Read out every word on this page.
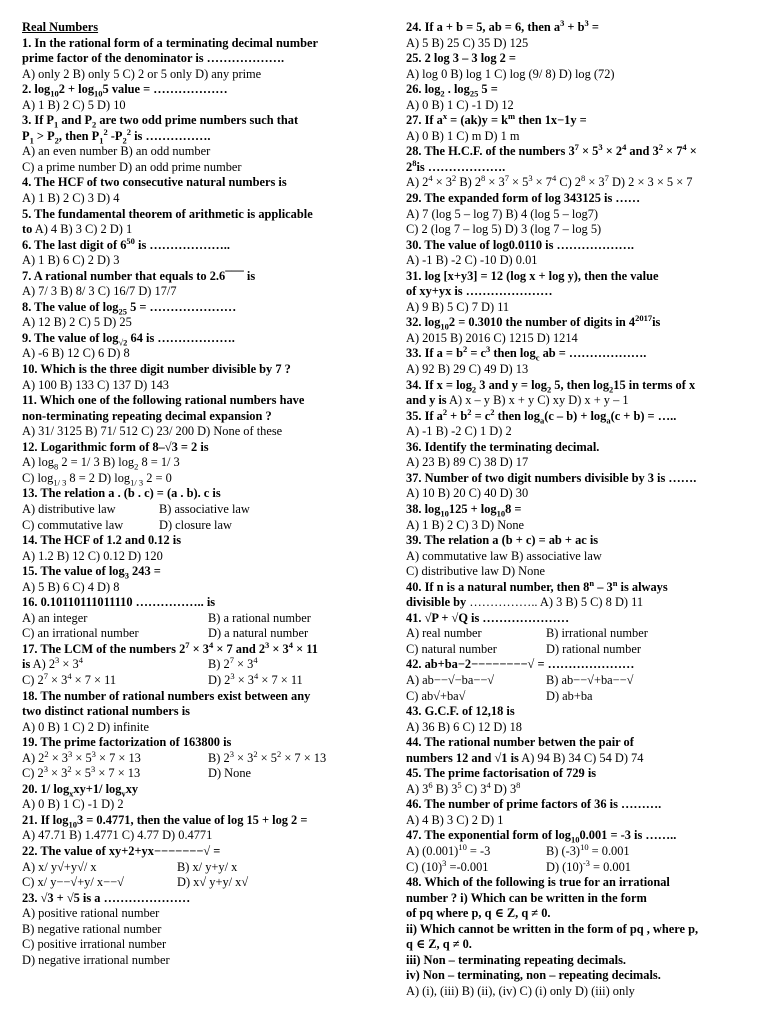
Real Numbers
1. In the rational form of a terminating decimal number
prime factor of the denominator is ……………….
A) only 2 B) only 5 C) 2 or 5 only D) any prime
2. $\log_{10}2 + \log_{10}5$ value = ………………
A) 1 B) 2 C) 5 D) 10
3. If $P_1$ and $P_2$ are two odd prime numbers such that
$P_1 > P_2$, then $P_1^2$ $-P_2^2$ is …………….
A) an even number B) an odd number
C) a prime number D) an odd prime number
4. The HCF of two consecutive natural numbers is
A) 1 B) 2 C) 3 D) 4
5. The fundamental theorem of arithmetic is applicable
to A) 4 B) 3 C) 2 D) 1
6. The last digit of $6^{50}$ is ………………..
A) 1 B) 6 C) 2 D) 3
7. A rational number that equals to 2.6¯¯¯ is
A) 7/ 3 B) 8/ 3 C) 16/7 D) 17/7
8. The value of $\log_{25} 5$ = …………………
A) 12 B) 2 C) 5 D) 25
9. The value of $\log_{√2} 64$ is ……………….
A) -6 B) 12 C) 6 D) 8
10. Which is the three digit number divisible by 7 ?
A) 100 B) 133 C) 137 D) 143
11. Which one of the following rational numbers have
non-terminating repeating decimal expansion ?
A) 31/ 3125 B) 71/ 512 C) 23/ 200 D) None of these
12. Logarithmic form of 8–√3 = 2 is
A) $\log_8 2 = 1/$ 3 B) $\log_2 8 = 1/$ 3
C) $\log_{1/ 3} 8 = 2$ D) $\log_{1/ 3} 2 = 0$
13. The relation a . (b . c) = (a . b). c is
A) distributive law	B) associative law
C) commutative law	D) closure law
14. The HCF of 1.2 and 0.12 is
A) 1.2 B) 12 C) 0.12 D) 120
15. The value of $\log_3 243$ =
A) 5 B) 6 C) 4 D) 8
16. 0.10110111011110 …………….. is
A) an integer	B) a rational number
C) an irrational number	D) a natural number
17. The LCM of the numbers $2^7 \times 3^4 \times 7$ and $2^3 \times 3^4 \times 11$
is A) $2^3 \times 3^4$	B) $2^7 \times 3^4$
C) $2^7 \times 3^4 \times 7 \times 11$	D) $2^3 \times 3^4 \times 7 \times 11$
18. The number of rational numbers exist between any
two distinct rational numbers is
A) 0 B) 1 C) 2 D) infinite
19. The prime factorization of 163800 is
A) $2^2 \times 3^3 \times 5^3 \times 7 \times 13$	B) $2^3 \times 3^2 \times 5^2 \times 7 \times 13$
C) $2^3 \times 3^2 \times 5^3 \times 7 \times 13$	D) None
20. 1/ $\log_xxy+1/$ $\log_yxy$
A) 0 B) 1 C) -1 D) 2
21. If $\log_{10}3 = 0.4771$, then the value of log 15 + log 2 =
A) 47.71 B) 1.4771 C) 4.77 D) 0.4771
22. The value of xy+2+yx−−−−−−−√ =
A) x/ y√+y√/ x	B) x/ y+y/ x
C) x/ y−−√+y/ x−−√	D) x√ y+y/ x√
23. √3 + √5 is a …………………
A) positive rational number
B) negative rational number
C) positive irrational number
D) negative irrational number
24. If a + b = 5, ab = 6, then $a^3 + b^3$ =
A) 5 B) 25 C) 35 D) 125
25. 2 log 3 – 3 log 2 =
A) log 0 B) log 1 C) log (9/ 8) D) log (72)
26. $\log_2$ . $\log_{25} 5$ =
A) 0 B) 1 C) -1 D) 12
27. If $a^x = (ak)y = k^m$ then 1x−1y =
A) 0 B) 1 C) m D) 1 m
28. The H.C.F. of the numbers $3^7 \times 5^3 \times 2^4$ and $3^2 \times 7^4$ ×
$2^8is$ ……………….
A) $2^4 \times 3^2$ B) $2^8 \times 3^7 \times 5^3 \times 7^4$ C) $2^8 \times 3^7$ D) 2 × 3 × 5 × 7
29. The expanded form of log 343125 is ……
A) 7 (log 5 – log 7) B) 4 (log 5 – log7)
C) 2 (log 7 – log 5) D) 3 (log 7 – log 5)
30. The value of log0.0110 is ……………….
A) -1 B) -2 C) -10 D) 0.01
31. log [x+y3] = 12 (log x + log y), then the value
of xy+yx is …………………
A) 9 B) 5 C) 7 D) 11
32. $\log_{10}2 = 0.3010$ the number of digits in $4^{2017}is$
A) 2015 B) 2016 C) 1215 D) 1214
33. If $a = b^2 = c^3$ then $\log_c$ ab = ……………….
A) 92 B) 29 C) 49 D) 13
34. If $x = \log_2 3$ and $y = \log_2 5$, then $\log_215$ in terms of x
and y is A) x – y B) x + y C) xy D) x + y – 1
35. If $a^2 + b^2 = c^2$ then $\log_a(c - b) + \log_a(c + b)$ = …..
A) -1 B) -2 C) 1 D) 2
36. Identify the terminating decimal.
A) 23 B) 89 C) 38 D) 17
37. Number of two digit numbers divisible by 3 is …….
A) 10 B) 20 C) 40 D) 30
38. $\log_{10}125 + \log_{10}8$ =
A) 1 B) 2 C) 3 D) None
39. The relation a (b + c) = ab + ac is
A) commutative law B) associative law
C) distributive law D) None
40. If n is a natural number, then 8$^n$ – 3$^n$ is always
divisible by …………….. A) 3 B) 5 C) 8 D) 11
41. √P + √Q is …………………
A) real number	B) irrational number
C) natural number	D) rational number
42. ab+ba−2−−−−−−−−√ = …………………
A) ab−−√−ba−−√	B) ab−−√+ba−−√
C) ab√+ba√	D) ab+ba
43. G.C.F. of 12,18 is
A) 36 B) 6 C) 12 D) 18
44. The rational number betwen the pair of
numbers 12 and √1 is A) 94 B) 34 C) 54 D) 74
45. The prime factorisation of 729 is
A) $3^6$ B) $3^5$ C) $3^4$ D) $3^8$
46. The number of prime factors of 36 is ……….
A) 4 B) 3 C) 2 D) 1
47. The exponential form of $\log_{10}0.001 = -3$ is ……..
A) $(0.001)^{10} = -3$	B) $(-3)^{10} = 0.001$
C) $(10)^3 =-0.001$	D) $(10)^{-3} = 0.001$
48. Which of the following is true for an irrational
number ? i) Which can be written in the form
of pq where p, q ∈ Z, q ≠ 0.
ii) Which cannot be written in the form of pq , where p,
q ∈ Z, q ≠ 0.
iii) Non – terminating repeating decimals.
iv) Non – terminating, non – repeating decimals.
A) (i), (iii) B) (ii), (iv) C) (i) only D) (iii) only
